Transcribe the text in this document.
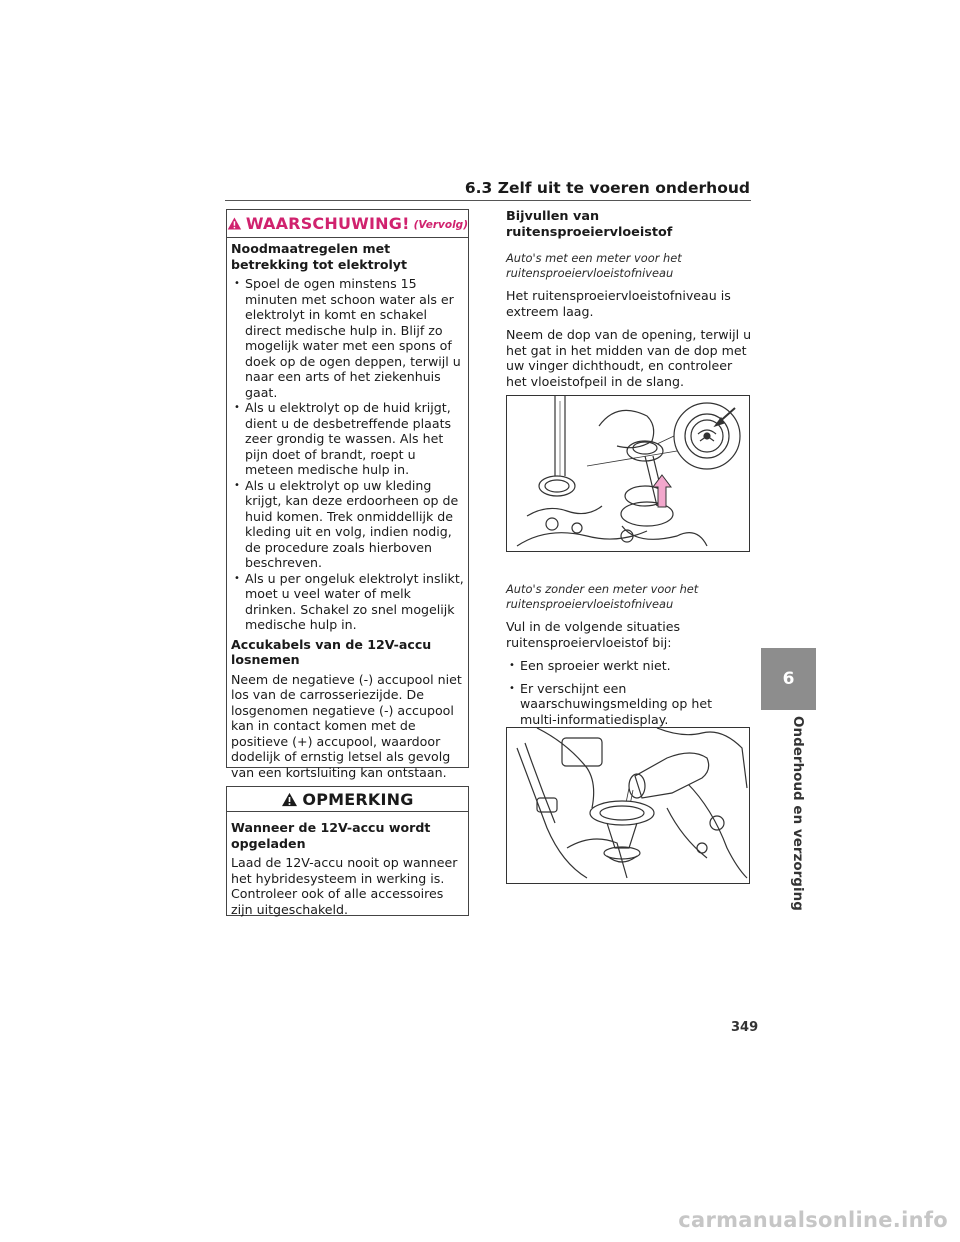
6.3 Zelf uit te voeren onderhoud
WAARSCHUWING! (Vervolg)

Noodmaatregelen met betrekking tot elektrolyt

• Spoel de ogen minstens 15 minuten met schoon water als er elektrolyt in komt en schakel direct medische hulp in. Blijf zo mogelijk water met een spons of doek op de ogen deppen, terwijl u naar een arts of het ziekenhuis gaat.
• Als u elektrolyt op de huid krijgt, dient u de desbetreffende plaats zeer grondig te wassen. Als het pijn doet of brandt, roept u meteen medische hulp in.
• Als u elektrolyt op uw kleding krijgt, kan deze erdoorheen op de huid komen. Trek onmiddellijk de kleding uit en volg, indien nodig, de procedure zoals hierboven beschreven.
• Als u per ongeluk elektrolyt inslikt, moet u veel water of melk drinken. Schakel zo snel mogelijk medische hulp in.

Accukabels van de 12V-accu losnemen

Neem de negatieve (-) accupool niet los van de carrosseriezijde. De losgenomen negatieve (-) accupool kan in contact komen met de positieve (+) accupool, waardoor dodelijk of ernstig letsel als gevolg van een kortsluiting kan ontstaan.

OPMERKING

Wanneer de 12V-accu wordt opgeladen

Laad de 12V-accu nooit op wanneer het hybridesysteem in werking is. Controleer ook of alle accessoires zijn uitgeschakeld.

Bijvullen van ruitensproeiervloeistof

Auto's met een meter voor het ruitensproeiervloeistofniveau

Het ruitensproeiervloeistofniveau is extreem laag.

Neem de dop van de opening, terwijl u het gat in het midden van de dop met uw vinger dichthoudt, en controleer het vloeistofpeil in de slang.

Auto's zonder een meter voor het ruitensproeiervloeistofniveau

Vul in de volgende situaties ruitensproeiervloeistof bij:

• Een sproeier werkt niet.
• Er verschijnt een waarschuwingsmelding op het multi-informatiedisplay.
6
Onderhoud en verzorging
349
carmanualsonline.info
